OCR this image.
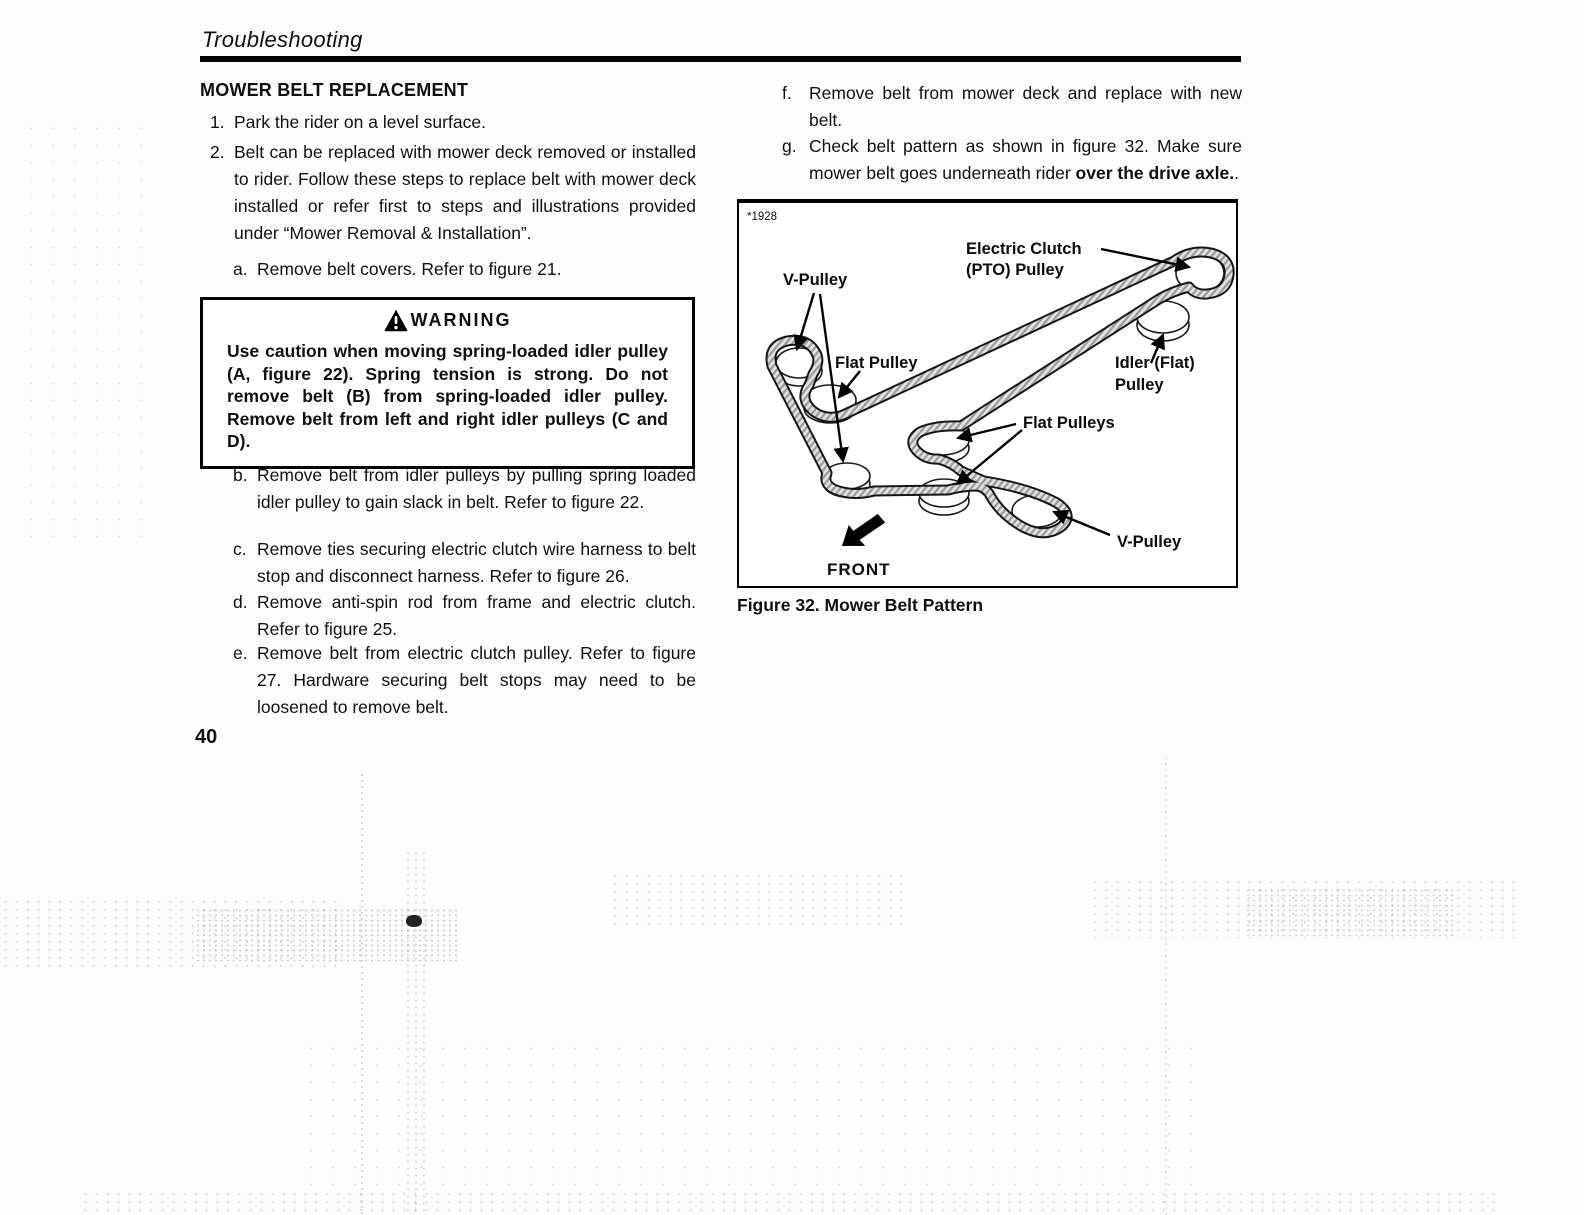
Troubleshooting
MOWER BELT REPLACEMENT
1. Park the rider on a level surface.
2. Belt can be replaced with mower deck removed or installed to rider. Follow these steps to replace belt with mower deck installed or refer first to steps and illustrations provided under “Mower Removal & Installation”.
a. Remove belt covers. Refer to figure 21.
WARNING

Use caution when moving spring-loaded idler pulley (A, figure 22). Spring tension is strong. Do not remove belt (B) from spring-loaded idler pulley. Remove belt from left and right idler pulleys (C and D).

b. Remove belt from idler pulleys by pulling spring loaded idler pulley to gain slack in belt. Refer to figure 22.
c. Remove ties securing electric clutch wire harness to belt stop and disconnect harness. Refer to figure 26.
d. Remove anti-spin rod from frame and electric clutch. Refer to figure 25.
e. Remove belt from electric clutch pulley. Refer to figure 27. Hardware securing belt stops may need to be loosened to remove belt.
40
f. Remove belt from mower deck and replace with new belt.
g. Check belt pattern as shown in figure 32. Make sure mower belt goes underneath rider over the drive axle..
*1928
Electric Clutch
(PTO) Pulley
V-Pulley
Flat Pulley	Idler (Flat)
Pulley
Flat Pulleys
V-Pulley
FRONT
Figure 32. Mower Belt Pattern
